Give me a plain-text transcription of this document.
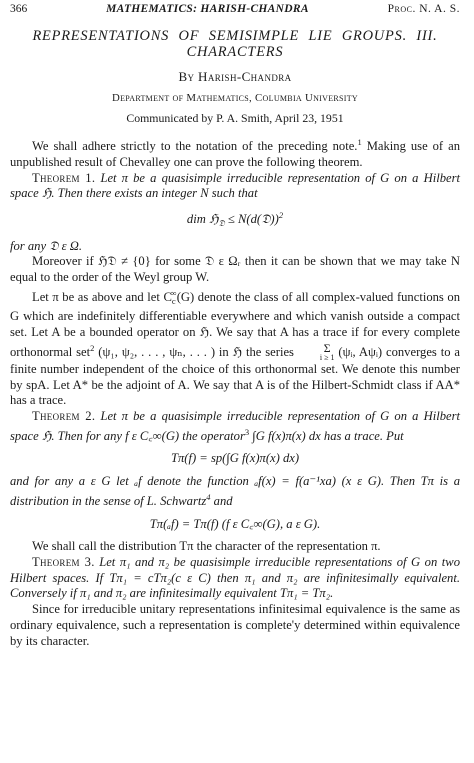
366	MATHEMATICS: HARISH-CHANDRA	Proc. N. A. S.
REPRESENTATIONS OF SEMISIMPLE LIE GROUPS. III. CHARACTERS
By Harish-Chandra
Department of Mathematics, Columbia University
Communicated by P. A. Smith, April 23, 1951

We shall adhere strictly to the notation of the preceding note.$^1$ Making use of an unpublished result of Chevalley one can prove the following theorem.

Theorem 1. Let π be a quasisimple irreducible representation of G on a Hilbert space ℌ. Then there exists an integer N such that

dim ℌ$_𝔇$ ≤ N(d(𝔇))$^2$

for any 𝔇 ε Ω.

Moreover if ℌ𝔇 ≠ {0} for some 𝔇 ε Ωᵣ then it can be shown that we may take N equal to the order of the Weyl group W.

Let π be as above and let $C_c^\infty(G)$ denote the class of all complex-valued functions on G which are indefinitely differentiable everywhere and which vanish outside a compact set. Let A be a bounded operator on ℌ. We say that A has a trace if for every complete orthonormal set$^2$ (ψ₁, ψ₂, . . . , ψₙ, . . . ) in ℌ the series	Σ
i ≥ 1 (ψᵢ, Aψᵢ) converges to a finite number independent of the choice of this orthonormal set. We denote this number by spA. Let A* be the adjoint of A. We say that A is of the Hilbert-Schmidt class if AA* has a trace.

Theorem 2. Let π be a quasisimple irreducible representation of G on a Hilbert space ℌ. Then for any f ε C꜀∞(G) the operator$^3$ ∫G f(x)π(x) dx has a trace. Put

Tπ(f) = sp(∫G f(x)π(x) dx)

and for any a ε G let ₐf denote the function ₐf(x) = f(a⁻¹xa) (x ε G). Then Tπ is a distribution in the sense of L. Schwartz$^4$ and

Tπ(ₐf) = Tπ(f) (f ε C꜀∞(G), a ε G).

We shall call the distribution Tπ the character of the representation π.

Theorem 3. Let π₁ and π₂ be quasisimple irreducible representations of G on two Hilbert spaces. If Tπ₁ = cTπ₂(c ε C) then π₁ and π₂ are infinitesimally equivalent. Conversely if π₁ and π₂ are infinitesimally equivalent Tπ₁ = Tπ₂.

Since for irreducible unitary representations infinitesimal equivalence is the same as ordinary equivalence, such a representation is complete'y determined within equivalence by its character.
